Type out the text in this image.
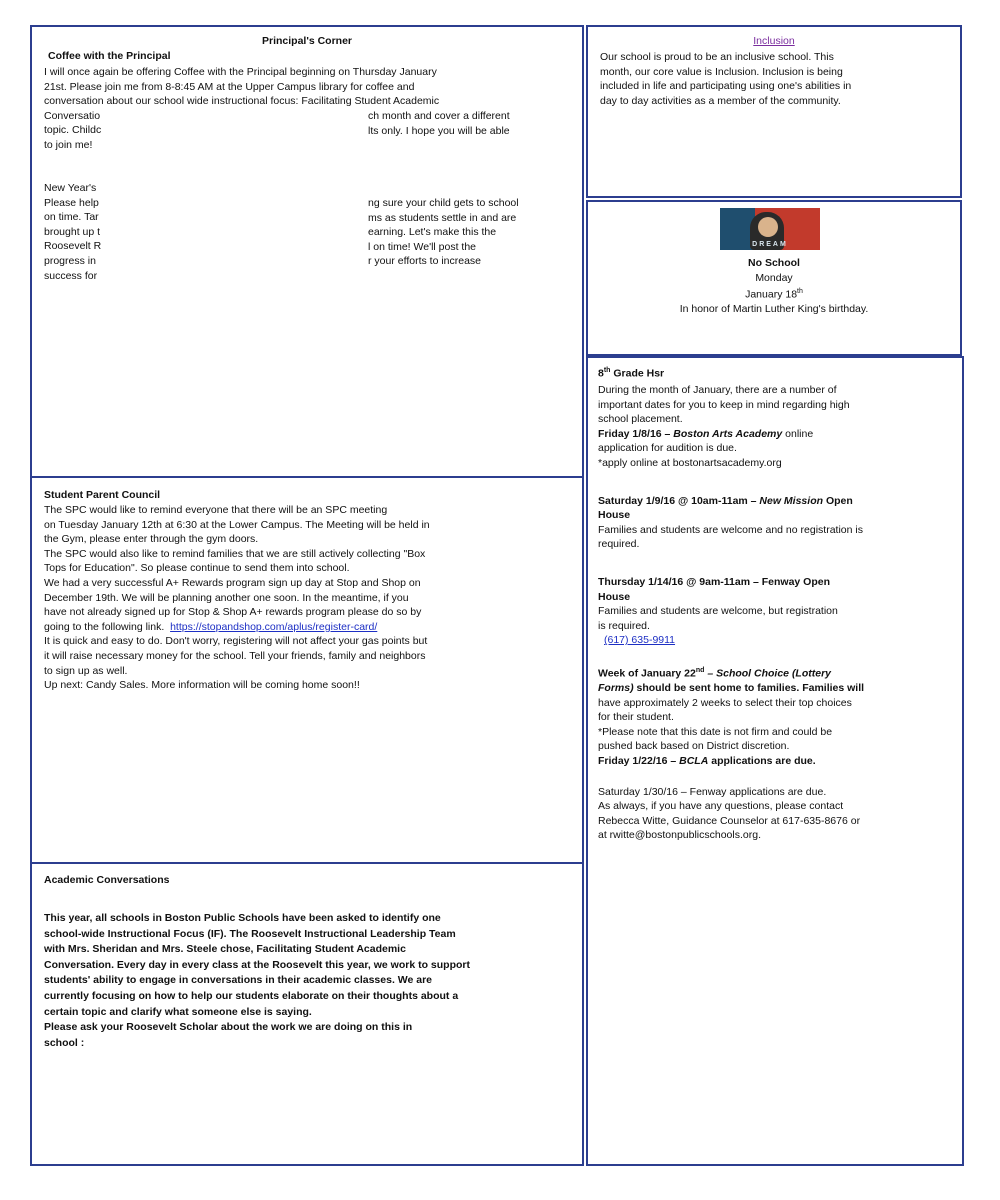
Principal's Corner
Coffee with the Principal

I will once again be offering Coffee with the Principal beginning on Thursday January

21st. Please join me from 8-8:45 AM at the Upper Campus library for coffee and

conversation about our school wide instructional focus: Facilitating Student Academic

Conversatio

topic. Childc

to join me!

ch month and cover a different

lts only. I hope you will be able

New Year's

Please help

on time. Tar

brought up t

Roosevelt R

progress in

success for

ng sure your child gets to school

ms as students settle in and are

earning. Let's make this the

l on time! We'll post the

r your efforts to increase

Inclusion

Our school is proud to be an inclusive school. This

month, our core value is Inclusion. Inclusion is being

included in life and participating using one's abilities in

day to day activities as a member of the community.

DREAM

No School

Monday

January 18th

In honor of Martin Luther King's birthday.

Student Parent Council

The SPC would like to remind everyone that there will be an SPC meeting

on Tuesday January 12th at 6:30 at the Lower Campus. The Meeting will be held in

the Gym, please enter through the gym doors.

The SPC would also like to remind families that we are still actively collecting "Box

Tops for Education". So please continue to send them into school.

We had a very successful A+ Rewards program sign up day at Stop and Shop on

December 19th. We will be planning another one soon. In the meantime, if you

have not already signed up for Stop & Shop A+ rewards program please do so by

going to the following link. https://stopandshop.com/aplus/register-card/

It is quick and easy to do. Don't worry, registering will not affect your gas points but

it will raise necessary money for the school. Tell your friends, family and neighbors

to sign up as well.

Up next: Candy Sales. More information will be coming home soon!!

Academic Conversations

This year, all schools in Boston Public Schools have been asked to identify one

school-wide Instructional Focus (IF). The Roosevelt Instructional Leadership Team

with Mrs. Sheridan and Mrs. Steele chose, Facilitating Student Academic

Conversation. Every day in every class at the Roosevelt this year, we work to support

students' ability to engage in conversations in their academic classes. We are

currently focusing on how to help our students elaborate on their thoughts about a

certain topic and clarify what someone else is saying.

Please ask your Roosevelt Scholar about the work we are doing on this in

school :

8th Grade Hsr

During the month of January, there are a number of

important dates for you to keep in mind regarding high

school placement.

Friday 1/8/16 – Boston Arts Academy online

application for audition is due.

*apply online at bostonartsacademy.org

Saturday 1/9/16 @ 10am-11am – New Mission Open

House

Families and students are welcome and no registration is

required.

Thursday 1/14/16 @ 9am-11am – Fenway Open

House

Families and students are welcome, but registration

is required.

(617) 635-9911

Week of January 22nd – School Choice (Lottery

Forms) should be sent home to families. Families will

have approximately 2 weeks to select their top choices

for their student.

*Please note that this date is not firm and could be

pushed back based on District discretion.

Friday 1/22/16 – BCLA applications are due.

Saturday 1/30/16 – Fenway applications are due.

As always, if you have any questions, please contact

Rebecca Witte, Guidance Counselor at 617-635-8676 or

at rwitte@bostonpublicschools.org.
